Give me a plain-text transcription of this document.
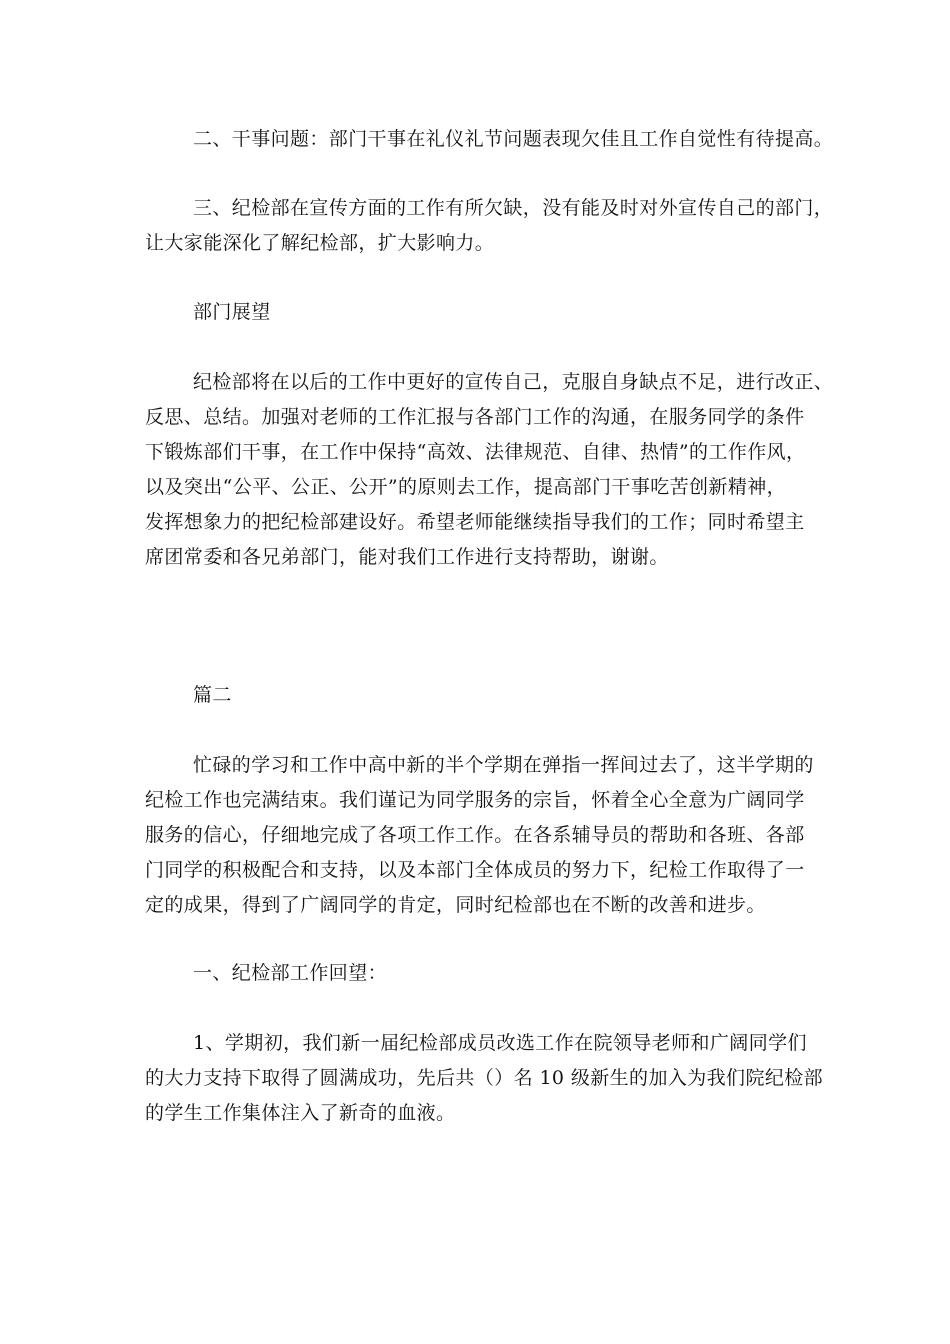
二、干事问题：部门干事在礼仪礼节问题表现欠佳且工作自觉性有待提高。

三、纪检部在宣传方面的工作有所欠缺，没有能及时对外宣传自己的部门，

让大家能深化了解纪检部，扩大影响力。

部门展望

纪检部将在以后的工作中更好的宣传自己，克服自身缺点不足，进行改正、

反思、总结。加强对老师的工作汇报与各部门工作的沟通，在服务同学的条件

下锻炼部们干事，在工作中保持“高效、法律规范、自律、热情”的工作作风，

以及突出“公平、公正、公开”的原则去工作，提高部门干事吃苦创新精神，

发挥想象力的把纪检部建设好。希望老师能继续指导我们的工作；同时希望主

席团常委和各兄弟部门，能对我们工作进行支持帮助，谢谢。

篇二

忙碌的学习和工作中高中新的半个学期在弹指一挥间过去了，这半学期的

纪检工作也完满结束。我们谨记为同学服务的宗旨，怀着全心全意为广阔同学

服务的信心，仔细地完成了各项工作工作。在各系辅导员的帮助和各班、各部

门同学的积极配合和支持，以及本部门全体成员的努力下，纪检工作取得了一

定的成果，得到了广阔同学的肯定，同时纪检部也在不断的改善和进步。

一、纪检部工作回望：

1、学期初，我们新一届纪检部成员改选工作在院领导老师和广阔同学们

的大力支持下取得了圆满成功，先后共（）名 10 级新生的加入为我们院纪检部

的学生工作集体注入了新奇的血液。
